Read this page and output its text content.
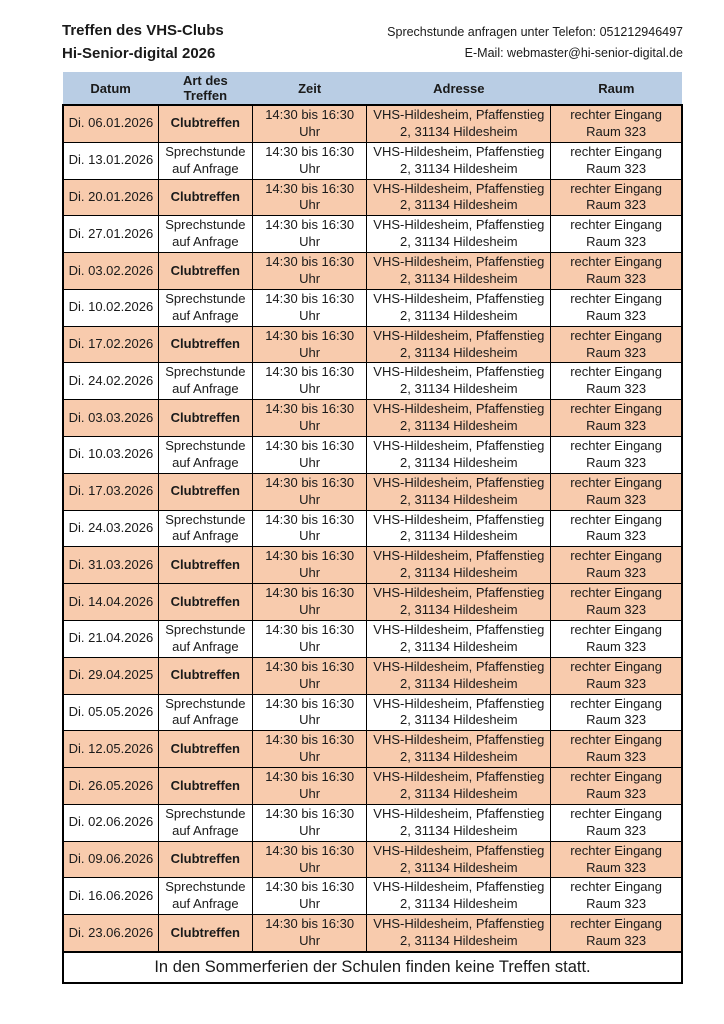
Treffen des VHS-Clubs
Hi-Senior-digital 2026
Sprechstunde anfragen unter Telefon: 051212946497
E-Mail: webmaster@hi-senior-digital.de
Datum	Art des Treffen	Zeit	Adresse	Raum
Di. 06.01.2026	Clubtreffen	14:30 bis 16:30 Uhr	VHS-Hildesheim, Pfaffenstieg 2, 31134 Hildesheim	rechter Eingang Raum 323
Di. 13.01.2026	Sprechstunde auf Anfrage	14:30 bis 16:30 Uhr	VHS-Hildesheim, Pfaffenstieg 2, 31134 Hildesheim	rechter Eingang Raum 323
Di. 20.01.2026	Clubtreffen	14:30 bis 16:30 Uhr	VHS-Hildesheim, Pfaffenstieg 2, 31134 Hildesheim	rechter Eingang Raum 323
Di. 27.01.2026	Sprechstunde auf Anfrage	14:30 bis 16:30 Uhr	VHS-Hildesheim, Pfaffenstieg 2, 31134 Hildesheim	rechter Eingang Raum 323
Di. 03.02.2026	Clubtreffen	14:30 bis 16:30 Uhr	VHS-Hildesheim, Pfaffenstieg 2, 31134 Hildesheim	rechter Eingang Raum 323
Di. 10.02.2026	Sprechstunde auf Anfrage	14:30 bis 16:30 Uhr	VHS-Hildesheim, Pfaffenstieg 2, 31134 Hildesheim	rechter Eingang Raum 323
Di. 17.02.2026	Clubtreffen	14:30 bis 16:30 Uhr	VHS-Hildesheim, Pfaffenstieg 2, 31134 Hildesheim	rechter Eingang Raum 323
Di. 24.02.2026	Sprechstunde auf Anfrage	14:30 bis 16:30 Uhr	VHS-Hildesheim, Pfaffenstieg 2, 31134 Hildesheim	rechter Eingang Raum 323
Di. 03.03.2026	Clubtreffen	14:30 bis 16:30 Uhr	VHS-Hildesheim, Pfaffenstieg 2, 31134 Hildesheim	rechter Eingang Raum 323
Di. 10.03.2026	Sprechstunde auf Anfrage	14:30 bis 16:30 Uhr	VHS-Hildesheim, Pfaffenstieg 2, 31134 Hildesheim	rechter Eingang Raum 323
Di. 17.03.2026	Clubtreffen	14:30 bis 16:30 Uhr	VHS-Hildesheim, Pfaffenstieg 2, 31134 Hildesheim	rechter Eingang Raum 323
Di. 24.03.2026	Sprechstunde auf Anfrage	14:30 bis 16:30 Uhr	VHS-Hildesheim, Pfaffenstieg 2, 31134 Hildesheim	rechter Eingang Raum 323
Di. 31.03.2026	Clubtreffen	14:30 bis 16:30 Uhr	VHS-Hildesheim, Pfaffenstieg 2, 31134 Hildesheim	rechter Eingang Raum 323
Di. 14.04.2026	Clubtreffen	14:30 bis 16:30 Uhr	VHS-Hildesheim, Pfaffenstieg 2, 31134 Hildesheim	rechter Eingang Raum 323
Di. 21.04.2026	Sprechstunde auf Anfrage	14:30 bis 16:30 Uhr	VHS-Hildesheim, Pfaffenstieg 2, 31134 Hildesheim	rechter Eingang Raum 323
Di. 29.04.2025	Clubtreffen	14:30 bis 16:30 Uhr	VHS-Hildesheim, Pfaffenstieg 2, 31134 Hildesheim	rechter Eingang Raum 323
Di. 05.05.2026	Sprechstunde auf Anfrage	14:30 bis 16:30 Uhr	VHS-Hildesheim, Pfaffenstieg 2, 31134 Hildesheim	rechter Eingang Raum 323
Di. 12.05.2026	Clubtreffen	14:30 bis 16:30 Uhr	VHS-Hildesheim, Pfaffenstieg 2, 31134 Hildesheim	rechter Eingang Raum 323
Di. 26.05.2026	Clubtreffen	14:30 bis 16:30 Uhr	VHS-Hildesheim, Pfaffenstieg 2, 31134 Hildesheim	rechter Eingang Raum 323
Di. 02.06.2026	Sprechstunde auf Anfrage	14:30 bis 16:30 Uhr	VHS-Hildesheim, Pfaffenstieg 2, 31134 Hildesheim	rechter Eingang Raum 323
Di. 09.06.2026	Clubtreffen	14:30 bis 16:30 Uhr	VHS-Hildesheim, Pfaffenstieg 2, 31134 Hildesheim	rechter Eingang Raum 323
Di. 16.06.2026	Sprechstunde auf Anfrage	14:30 bis 16:30 Uhr	VHS-Hildesheim, Pfaffenstieg 2, 31134 Hildesheim	rechter Eingang Raum 323
Di. 23.06.2026	Clubtreffen	14:30 bis 16:30 Uhr	VHS-Hildesheim, Pfaffenstieg 2, 31134 Hildesheim	rechter Eingang Raum 323
In den Sommerferien der Schulen finden keine Treffen statt.				
